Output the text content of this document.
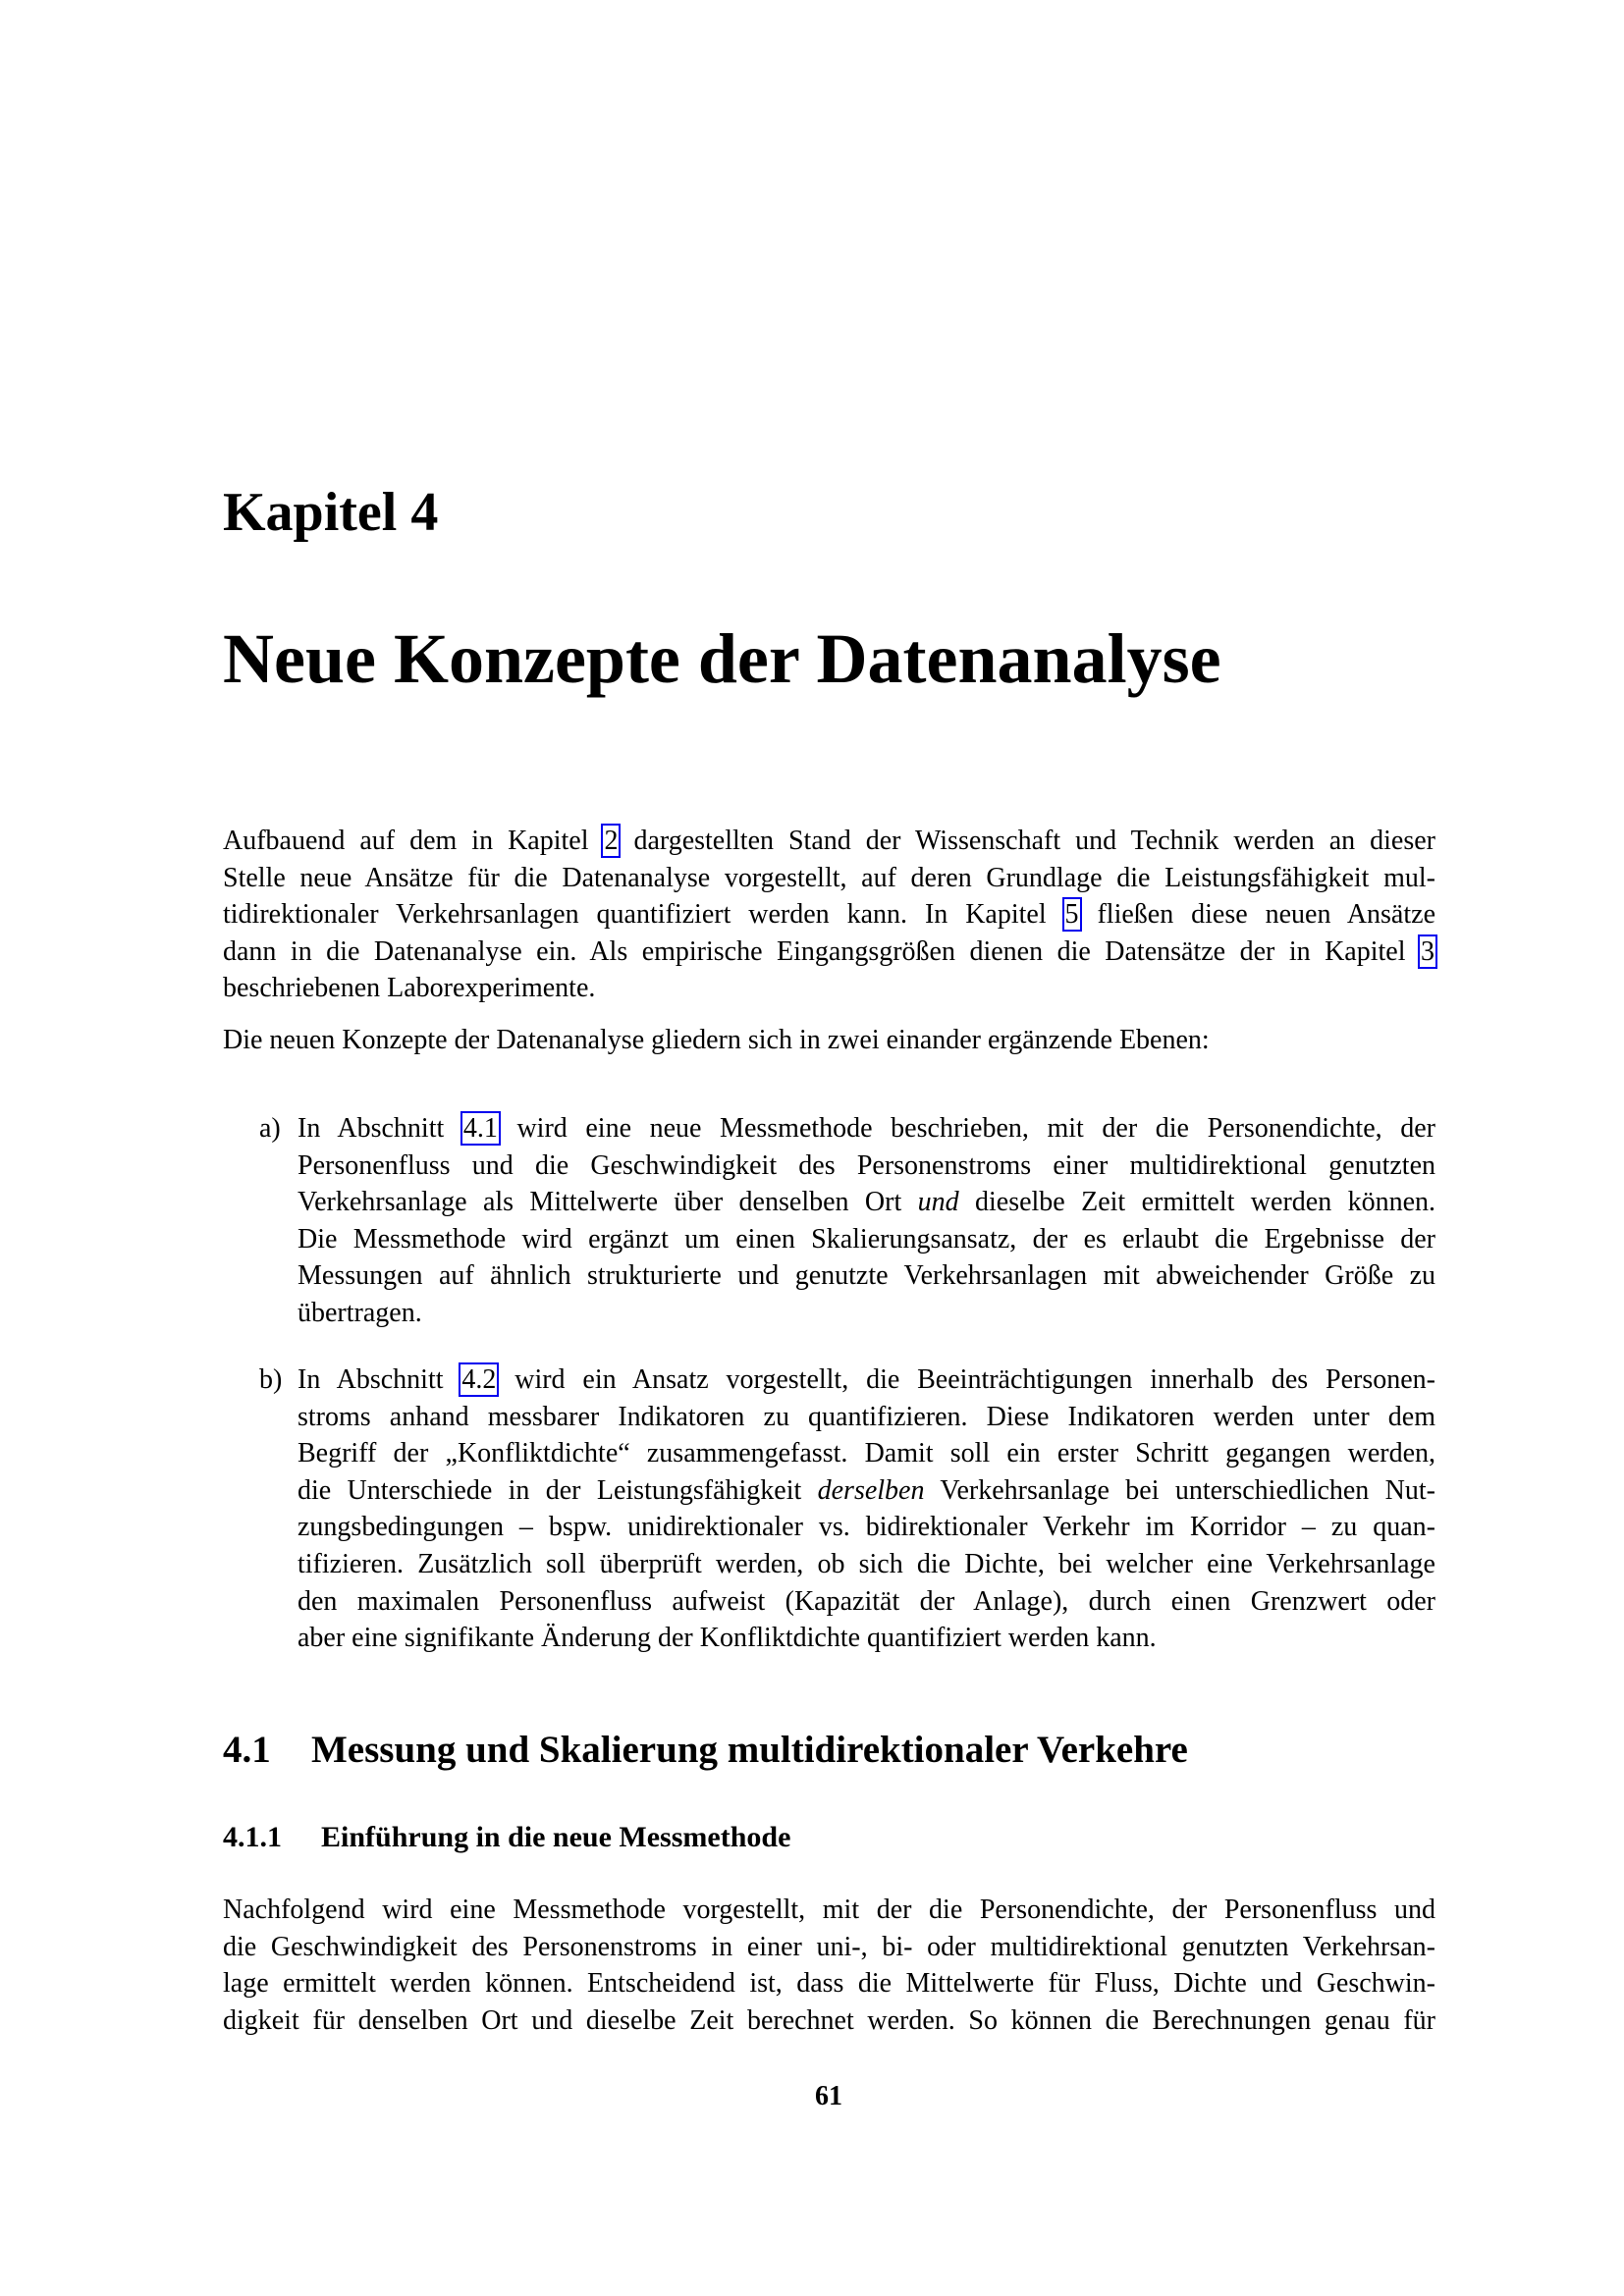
Kapitel 4
Neue Konzepte der Datenanalyse
Aufbauend auf dem in Kapitel 2 dargestellten Stand der Wissenschaft und Technik werden an dieser
Stelle neue Ansätze für die Datenanalyse vorgestellt, auf deren Grundlage die Leistungsfähigkeit mul-
tidirektionaler Verkehrsanlagen quantifiziert werden kann. In Kapitel 5 fließen diese neuen Ansätze
dann in die Datenanalyse ein. Als empirische Eingangsgrößen dienen die Datensätze der in Kapitel 3
beschriebenen Laborexperimente.
Die neuen Konzepte der Datenanalyse gliedern sich in zwei einander ergänzende Ebenen:
a) In Abschnitt 4.1 wird eine neue Messmethode beschrieben, mit der die Personendichte, der
Personenfluss und die Geschwindigkeit des Personenstroms einer multidirektional genutzten
Verkehrsanlage als Mittelwerte über denselben Ort und dieselbe Zeit ermittelt werden können.
Die Messmethode wird ergänzt um einen Skalierungsansatz, der es erlaubt die Ergebnisse der
Messungen auf ähnlich strukturierte und genutzte Verkehrsanlagen mit abweichender Größe zu
übertragen.
b) In Abschnitt 4.2 wird ein Ansatz vorgestellt, die Beeinträchtigungen innerhalb des Personen-
stroms anhand messbarer Indikatoren zu quantifizieren. Diese Indikatoren werden unter dem
Begriff der „Konfliktdichte“ zusammengefasst. Damit soll ein erster Schritt gegangen werden,
die Unterschiede in der Leistungsfähigkeit derselben Verkehrsanlage bei unterschiedlichen Nut-
zungsbedingungen – bspw. unidirektionaler vs. bidirektionaler Verkehr im Korridor – zu quan-
tifizieren. Zusätzlich soll überprüft werden, ob sich die Dichte, bei welcher eine Verkehrsanlage
den maximalen Personenfluss aufweist (Kapazität der Anlage), durch einen Grenzwert oder
aber eine signifikante Änderung der Konfliktdichte quantifiziert werden kann.
4.1 Messung und Skalierung multidirektionaler Verkehre
4.1.1 Einführung in die neue Messmethode
Nachfolgend wird eine Messmethode vorgestellt, mit der die Personendichte, der Personenfluss und
die Geschwindigkeit des Personenstroms in einer uni-, bi- oder multidirektional genutzten Verkehrsan-
lage ermittelt werden können. Entscheidend ist, dass die Mittelwerte für Fluss, Dichte und Geschwin-
digkeit für denselben Ort und dieselbe Zeit berechnet werden. So können die Berechnungen genau für
61
